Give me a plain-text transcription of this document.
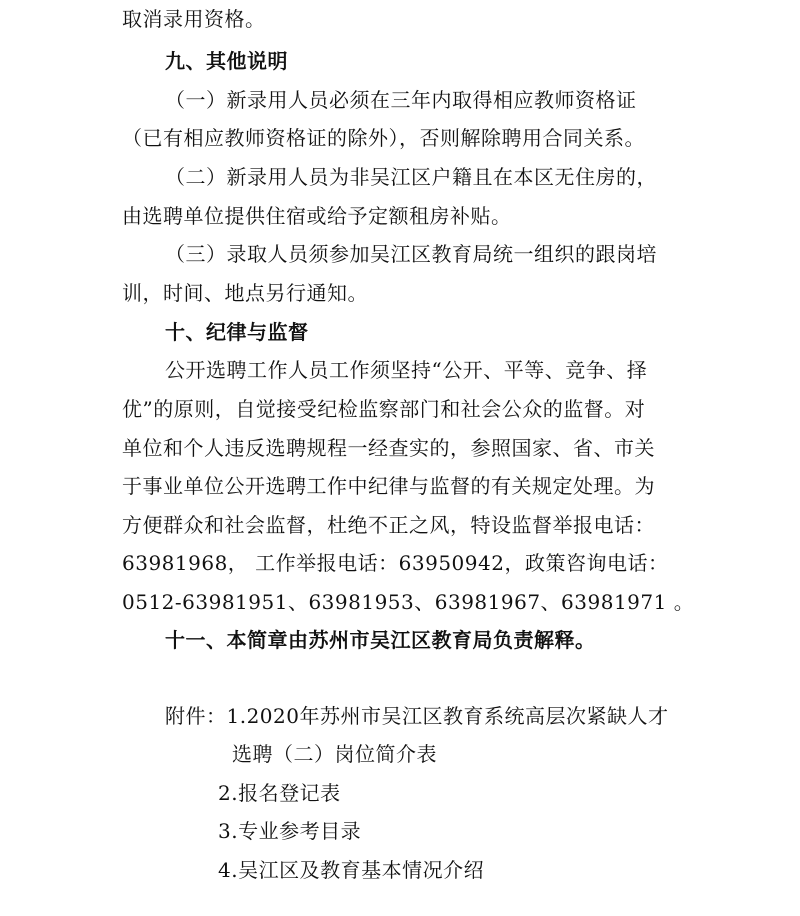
取消录用资格。
九、其他说明
（一）新录用人员必须在三年内取得相应教师资格证
（已有相应教师资格证的除外），否则解除聘用合同关系。
（二）新录用人员为非吴江区户籍且在本区无住房的，
由选聘单位提供住宿或给予定额租房补贴。
（三）录取人员须参加吴江区教育局统一组织的跟岗培
训，时间、地点另行通知。
十、纪律与监督
公开选聘工作人员工作须坚持“公开、平等、竞争、择
优”的原则，自觉接受纪检监察部门和社会公众的监督。对
单位和个人违反选聘规程一经查实的，参照国家、省、市关
于事业单位公开选聘工作中纪律与监督的有关规定处理。为
方便群众和社会监督，杜绝不正之风，特设监督举报电话：
63981968， 工作举报电话：63950942，政策咨询电话：
0512-63981951、63981953、63981967、63981971 。
十一、本简章由苏州市吴江区教育局负责解释。
附件：1.2020年苏州市吴江区教育系统高层次紧缺人才
选聘（二）岗位简介表
2.报名登记表
3.专业参考目录
4.吴江区及教育基本情况介绍
